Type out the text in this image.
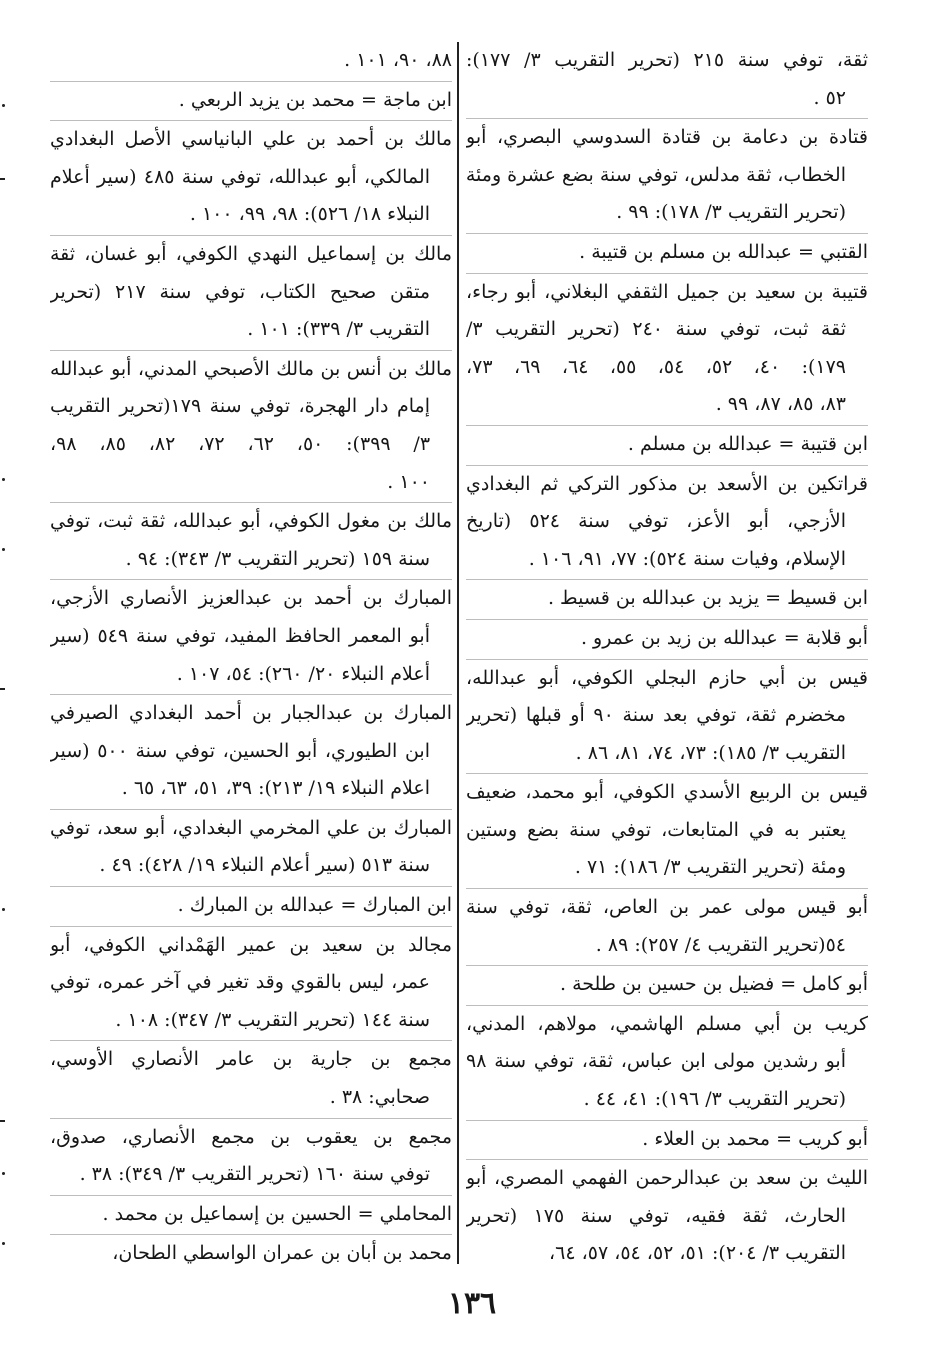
ثقة، توفي سنة ٢١٥ (تحرير التقريب ٣/ ١٧٧):
٥٢ .
قتادة بن دعامة بن قتادة السدوسي البصري، أبو
الخطاب، ثقة مدلس، توفي سنة بضع عشرة ومئة
(تحرير التقريب ٣/ ١٧٨): ٩٩ .
القتبي = عبدالله بن مسلم بن قتيبة .
قتيبة بن سعيد بن جميل الثقفي البغلاني، أبو رجاء،
ثقة ثبت، توفي سنة ٢٤٠ (تحرير التقريب ٣/
١٧٩): ٤٠، ٥٢، ٥٤، ٥٥، ٦٤، ٦٩، ٧٣،
٨٣، ٨٥، ٨٧، ٩٩ .
ابن قتيبة = عبدالله بن مسلم .
قراتكين بن الأسعد بن مذكور التركي ثم البغدادي
الأزجي، أبو الأعز، توفي سنة ٥٢٤ (تاريخ
الإسلام، وفيات سنة ٥٢٤): ٧٧، ٩١، ١٠٦ .
ابن قسيط = يزيد بن عبدالله بن قسيط .
أبو قلابة = عبدالله بن زيد بن عمرو .
قيس بن أبي حازم البجلي الكوفي، أبو عبدالله،
مخضرم ثقة، توفي بعد سنة ٩٠ أو قبلها (تحرير
التقريب ٣/ ١٨٥): ٧٣، ٧٤، ٨١، ٨٦ .
قيس بن الربيع الأسدي الكوفي، أبو محمد، ضعيف
يعتبر به في المتابعات، توفي سنة بضع وستين
ومئة (تحرير التقريب ٣/ ١٨٦): ٧١ .
أبو قيس مولى عمر بن العاص، ثقة، توفي سنة
٥٤(تحرير التقريب ٤/ ٢٥٧): ٨٩ .
أبو كامل = فضيل بن حسين بن طلحة .
كريب بن أبي مسلم الهاشمي، مولاهم، المدني،
أبو رشدين مولى ابن عباس، ثقة، توفي سنة ٩٨
(تحرير التقريب ٣/ ١٩٦): ٤١، ٤٤ .
أبو كريب = محمد بن العلاء .
الليث بن سعد بن عبدالرحمن الفهمي المصري، أبو
الحارث، ثقة فقيه، توفي سنة ١٧٥ (تحرير
التقريب ٣/ ٢٠٤): ٥١، ٥٢، ٥٤، ٥٧، ٦٤،
٨٨، ٩٠، ١٠١ .
ابن ماجة = محمد بن يزيد الربعي .
مالك بن أحمد بن علي البانياسي الأصل البغدادي
المالكي، أبو عبدالله، توفي سنة ٤٨٥ (سير أعلام
النبلاء ١٨/ ٥٢٦): ٩٨، ٩٩، ١٠٠ .
مالك بن إسماعيل النهدي الكوفي، أبو غسان، ثقة
متقن صحيح الكتاب، توفي سنة ٢١٧ (تحرير
التقريب ٣/ ٣٣٩): ١٠١ .
مالك بن أنس بن مالك الأصبحي المدني، أبو عبدالله
إمام دار الهجرة، توفي سنة ١٧٩(تحرير التقريب
٣/ ٣٩٩): ٥٠، ٦٢، ٧٢، ٨٢، ٨٥، ٩٨،
١٠٠ .
مالك بن مغول الكوفي، أبو عبدالله، ثقة ثبت، توفي
سنة ١٥٩ (تحرير التقريب ٣/ ٣٤٣): ٩٤ .
المبارك بن أحمد بن عبدالعزيز الأنصاري الأزجي،
أبو المعمر الحافظ المفيد، توفي سنة ٥٤٩ (سير
أعلام النبلاء ٢٠/ ٢٦٠): ٥٤، ١٠٧ .
المبارك بن عبدالجبار بن أحمد البغدادي الصيرفي
ابن الطيوري، أبو الحسين، توفي سنة ٥٠٠ (سير
اعلام النبلاء ١٩/ ٢١٣): ٣٩، ٥١، ٦٣، ٦٥ .
المبارك بن علي المخرمي البغدادي، أبو سعد، توفي
سنة ٥١٣ (سير أعلام النبلاء ١٩/ ٤٢٨): ٤٩ .
ابن المبارك = عبدالله بن المبارك .
مجالد بن سعيد بن عمير الهَمْداني الكوفي، أبو
عمر، ليس بالقوي وقد تغير في آخر عمره، توفي
سنة ١٤٤ (تحرير التقريب ٣/ ٣٤٧): ١٠٨ .
مجمع بن جارية بن عامر الأنصاري الأوسي،
صحابي: ٣٨ .
مجمع بن يعقوب بن مجمع الأنصاري، صدوق،
توفي سنة ١٦٠ (تحرير التقريب ٣/ ٣٤٩): ٣٨ .
المحاملي = الحسين بن إسماعيل بن محمد .
محمد بن أبان بن عمران الواسطي الطحان،
١٣٦
